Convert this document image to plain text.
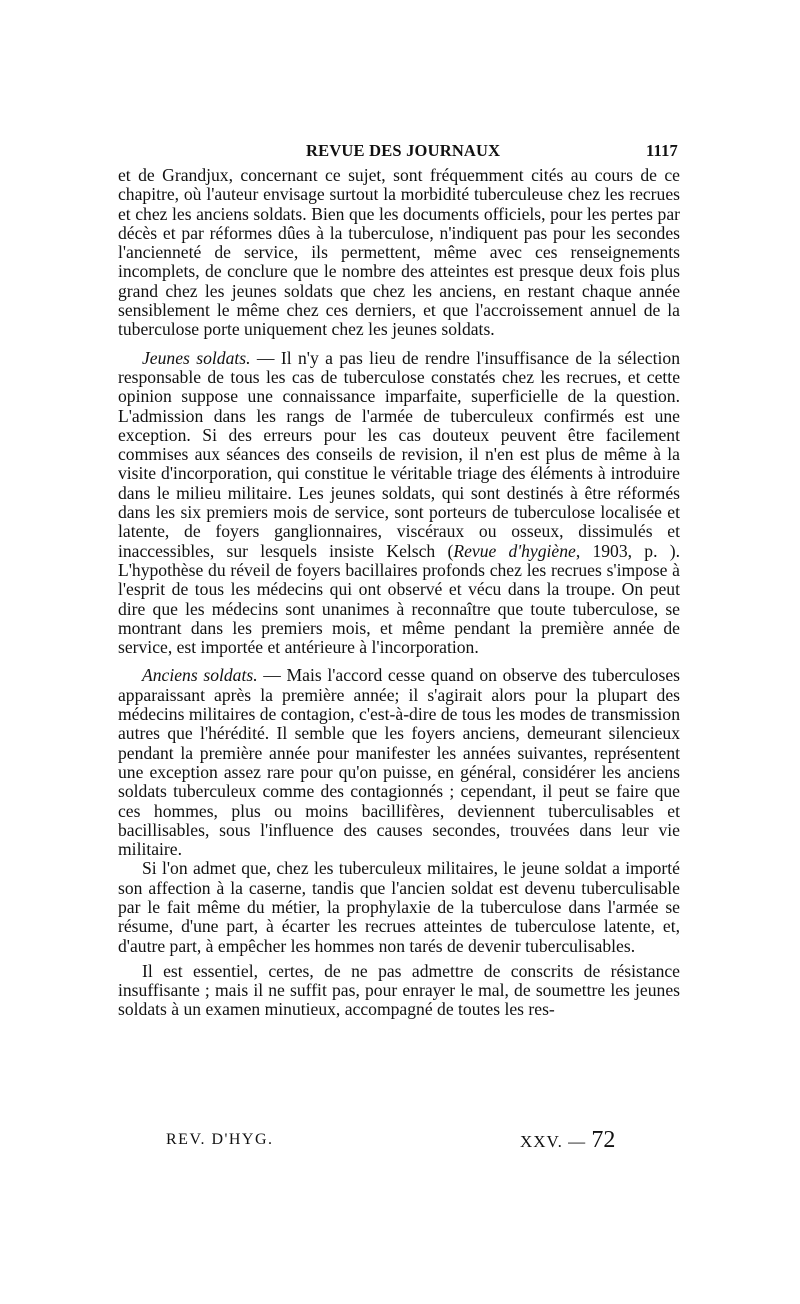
REVUE DES JOURNAUX	1117

et de Grandjux, concernant ce sujet, sont fréquemment cités au cours de ce chapitre, où l'auteur envisage surtout la morbidité tuberculeuse chez les recrues et chez les anciens soldats. Bien que les documents officiels, pour les pertes par décès et par réformes dûes à la tuberculose, n'indiquent pas pour les secondes l'ancienneté de service, ils permettent, même avec ces renseignements incomplets, de conclure que le nombre des atteintes est presque deux fois plus grand chez les jeunes soldats que chez les anciens, en restant chaque année sensiblement le même chez ces derniers, et que l'accroissement annuel de la tuberculose porte uniquement chez les jeunes soldats.

Jeunes soldats. — Il n'y a pas lieu de rendre l'insuffisance de la sélection responsable de tous les cas de tuberculose constatés chez les recrues, et cette opinion suppose une connaissance imparfaite, superficielle de la question. L'admission dans les rangs de l'armée de tuberculeux confirmés est une exception. Si des erreurs pour les cas douteux peuvent être facilement commises aux séances des conseils de revision, il n'en est plus de même à la visite d'incorporation, qui constitue le véritable triage des éléments à introduire dans le milieu militaire. Les jeunes soldats, qui sont destinés à être réformés dans les six premiers mois de service, sont porteurs de tuberculose localisée et latente, de foyers ganglionnaires, viscéraux ou osseux, dissimulés et inaccessibles, sur lesquels insiste Kelsch (Revue d'hygiène, 1903, p. ). L'hypothèse du réveil de foyers bacillaires profonds chez les recrues s'impose à l'esprit de tous les médecins qui ont observé et vécu dans la troupe. On peut dire que les médecins sont unanimes à reconnaître que toute tuberculose, se montrant dans les premiers mois, et même pendant la première année de service, est importée et antérieure à l'incorporation.

Anciens soldats. — Mais l'accord cesse quand on observe des tuberculoses apparaissant après la première année; il s'agirait alors pour la plupart des médecins militaires de contagion, c'est-à-dire de tous les modes de transmission autres que l'hérédité. Il semble que les foyers anciens, demeurant silencieux pendant la première année pour manifester les années suivantes, représentent une exception assez rare pour qu'on puisse, en général, considérer les anciens soldats tuberculeux comme des contagionnés ; cependant, il peut se faire que ces hommes, plus ou moins bacillifères, deviennent tuberculisables et bacillisables, sous l'influence des causes secondes, trouvées dans leur vie militaire.

Si l'on admet que, chez les tuberculeux militaires, le jeune soldat a importé son affection à la caserne, tandis que l'ancien soldat est devenu tuberculisable par le fait même du métier, la prophylaxie de la tuberculose dans l'armée se résume, d'une part, à écarter les recrues atteintes de tuberculose latente, et, d'autre part, à empêcher les hommes non tarés de devenir tuberculisables.

Il est essentiel, certes, de ne pas admettre de conscrits de résistance insuffisante ; mais il ne suffit pas, pour enrayer le mal, de soumettre les jeunes soldats à un examen minutieux, accompagné de toutes les res-

REV. D'HYG.	XXV. — 72
